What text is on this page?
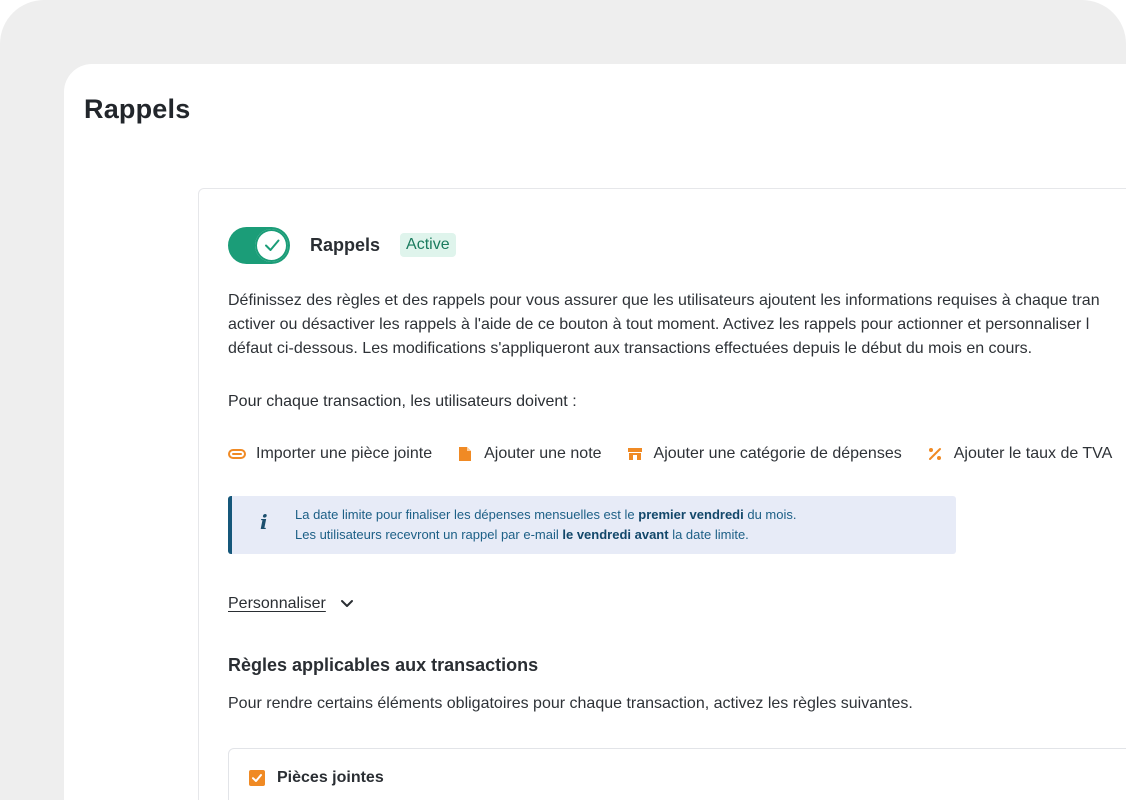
Rappels
Rappels	Active
Définissez des règles et des rappels pour vous assurer que les utilisateurs ajoutent les informations requises à chaque tran
activer ou désactiver les rappels à l'aide de ce bouton à tout moment. Activez les rappels pour actionner et personnaliser l
défaut ci-dessous. Les modifications s'appliqueront aux transactions effectuées depuis le début du mois en cours.
Pour chaque transaction, les utilisateurs doivent :
Importer une pièce jointe	Ajouter une note	Ajouter une catégorie de dépenses	Ajouter le taux de TVA
i La date limite pour finaliser les dépenses mensuelles est le premier vendredi du mois.
Les utilisateurs recevront un rappel par e-mail le vendredi avant la date limite.
Personnaliser
Règles applicables aux transactions
Pour rendre certains éléments obligatoires pour chaque transaction, activez les règles suivantes.
Pièces jointes
